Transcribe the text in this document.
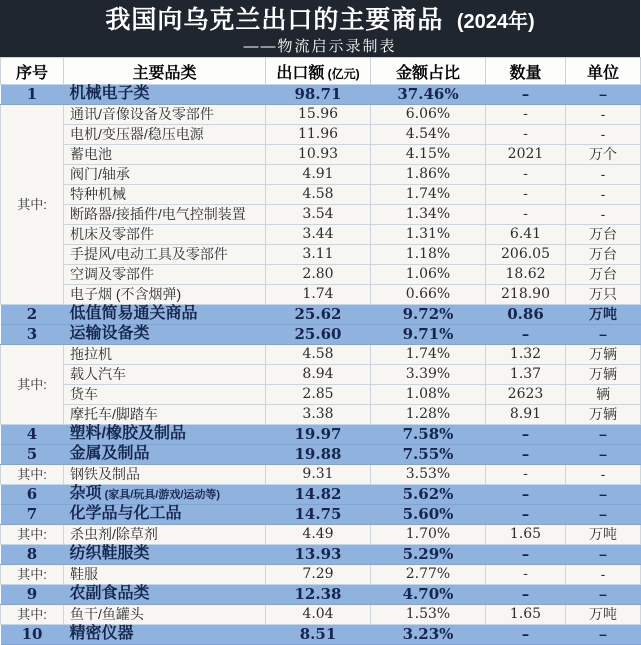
我国向乌克兰出口的主要商品 (2024年)
——物流启示录制表
序号	主要品类	出口额 (亿元)	金额占比	数量	单位
1	机械电子类	98.71	37.46%	–	–
其中:	通讯/音像设备及零部件	15.96	6.06%	-	-
	电机/变压器/稳压电源	11.96	4.54%	-	-
	蓄电池	10.93	4.15%	2021	万个
	阀门/轴承	4.91	1.86%	-	-
	特种机械	4.58	1.74%	-	-
	断路器/接插件/电气控制装置	3.54	1.34%	-	-
	机床及零部件	3.44	1.31%	6.41	万台
	手提风/电动工具及零部件	3.11	1.18%	206.05	万台
	空调及零部件	2.80	1.06%	18.62	万台
	电子烟 (不含烟弹)	1.74	0.66%	218.90	万只
2	低值简易通关商品	25.62	9.72%	0.86	万吨
3	运输设备类	25.60	9.71%	–	–
其中:	拖拉机	4.58	1.74%	1.32	万辆
	载人汽车	8.94	3.39%	1.37	万辆
	货车	2.85	1.08%	2623	辆
	摩托车/脚踏车	3.38	1.28%	8.91	万辆
4	塑料/橡胶及制品	19.97	7.58%	–	–
5	金属及制品	19.88	7.55%	–	–
其中:	钢铁及制品	9.31	3.53%	-	-
6	杂项 (家具/玩具/游戏/运动等)	14.82	5.62%	–	–
7	化学品与化工品	14.75	5.60%	–	–
其中:	杀虫剂/除草剂	4.49	1.70%	1.65	万吨
8	纺织鞋服类	13.93	5.29%	–	–
其中:	鞋服	7.29	2.77%	-	-
9	农副食品类	12.38	4.70%	–	–
其中:	鱼干/鱼罐头	4.04	1.53%	1.65	万吨
10	精密仪器	8.51	3.23%	–	–
